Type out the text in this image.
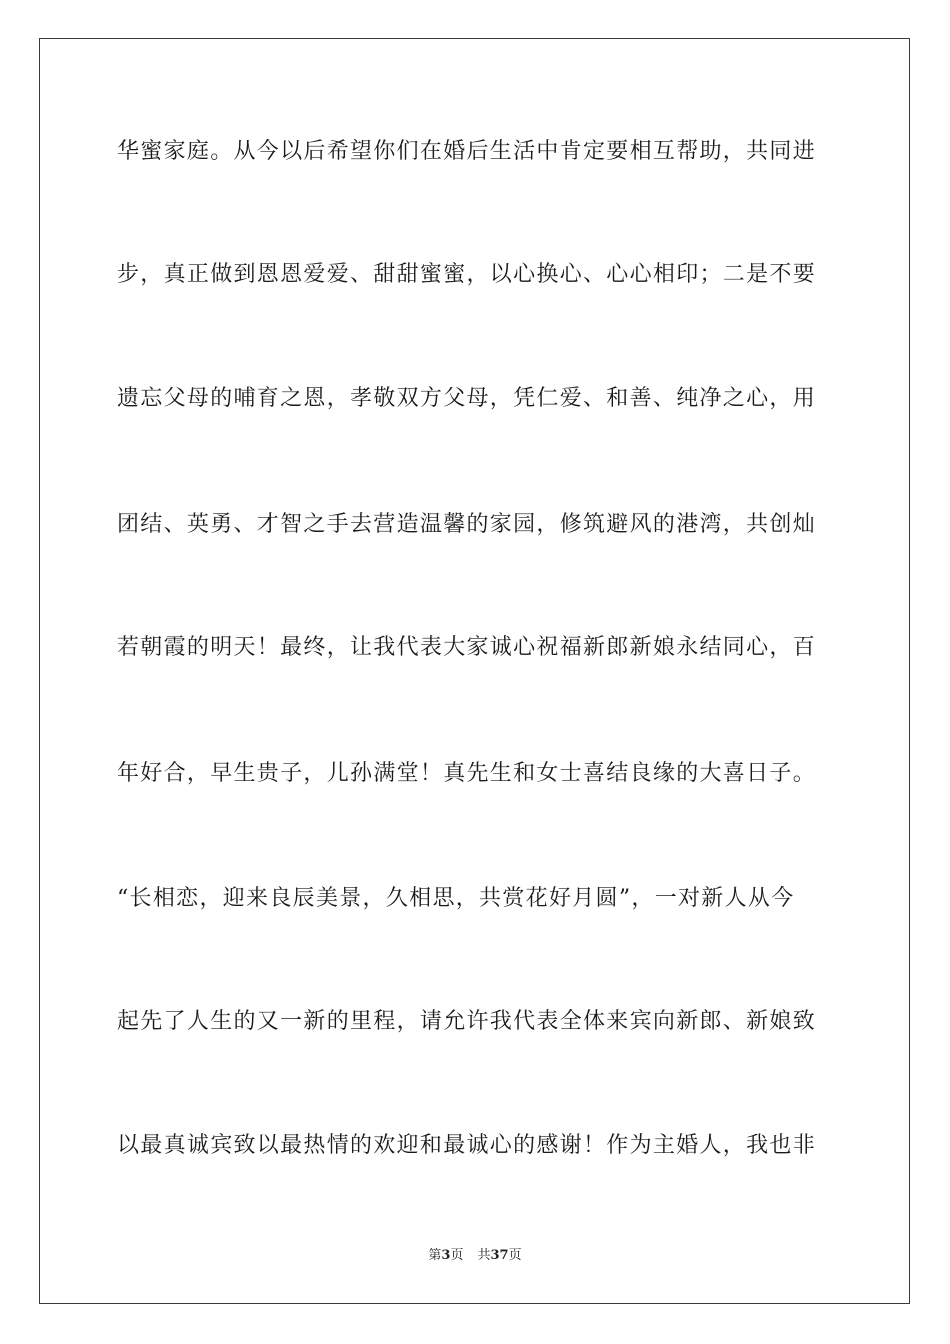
华蜜家庭。从今以后希望你们在婚后生活中肯定要相互帮助，共同进
步，真正做到恩恩爱爱、甜甜蜜蜜，以心换心、心心相印；二是不要
遗忘父母的哺育之恩，孝敬双方父母，凭仁爱、和善、纯净之心，用
团结、英勇、才智之手去营造温馨的家园，修筑避风的港湾，共创灿
若朝霞的明天！最终，让我代表大家诚心祝福新郎新娘永结同心，百
年好合，早生贵子，儿孙满堂！真先生和女士喜结良缘的大喜日子。
“长相恋，迎来良辰美景，久相思，共赏花好月圆”，一对新人从今
起先了人生的又一新的里程，请允许我代表全体来宾向新郎、新娘致
以最真诚宾致以最热情的欢迎和最诚心的感谢！作为主婚人，我也非
第3页 共37页
